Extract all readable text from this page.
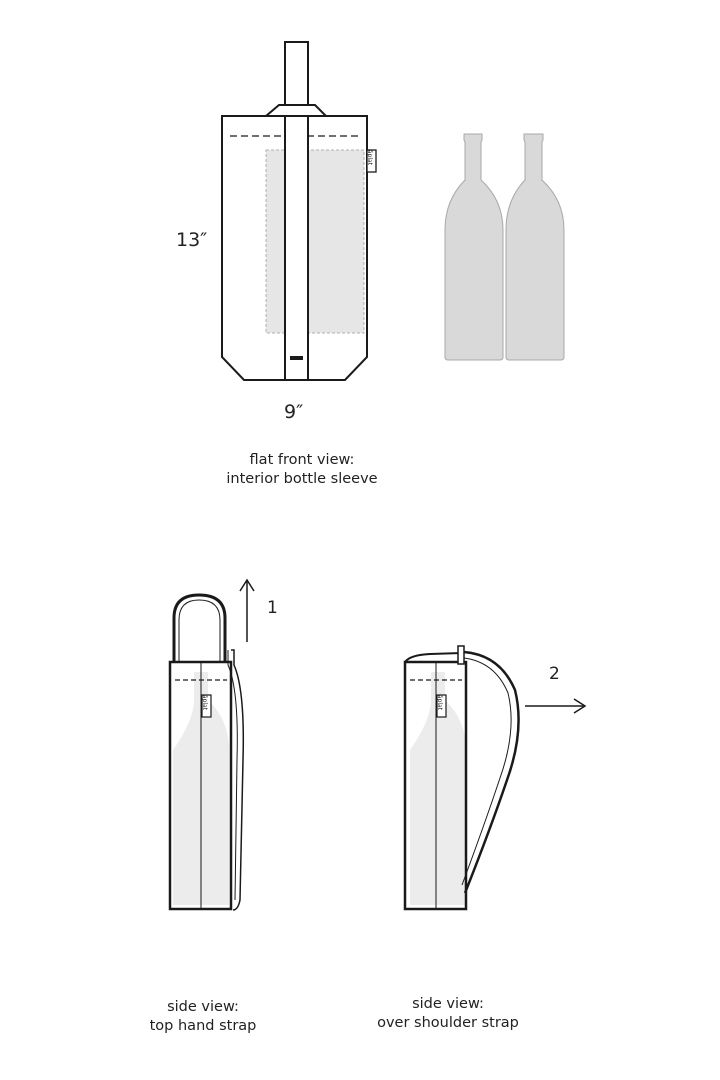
āplat
āplat	āplat
13″
9″
1
2
flat front view:
interior bottle sleeve
side view:
top hand strap
side view:
over shoulder strap
